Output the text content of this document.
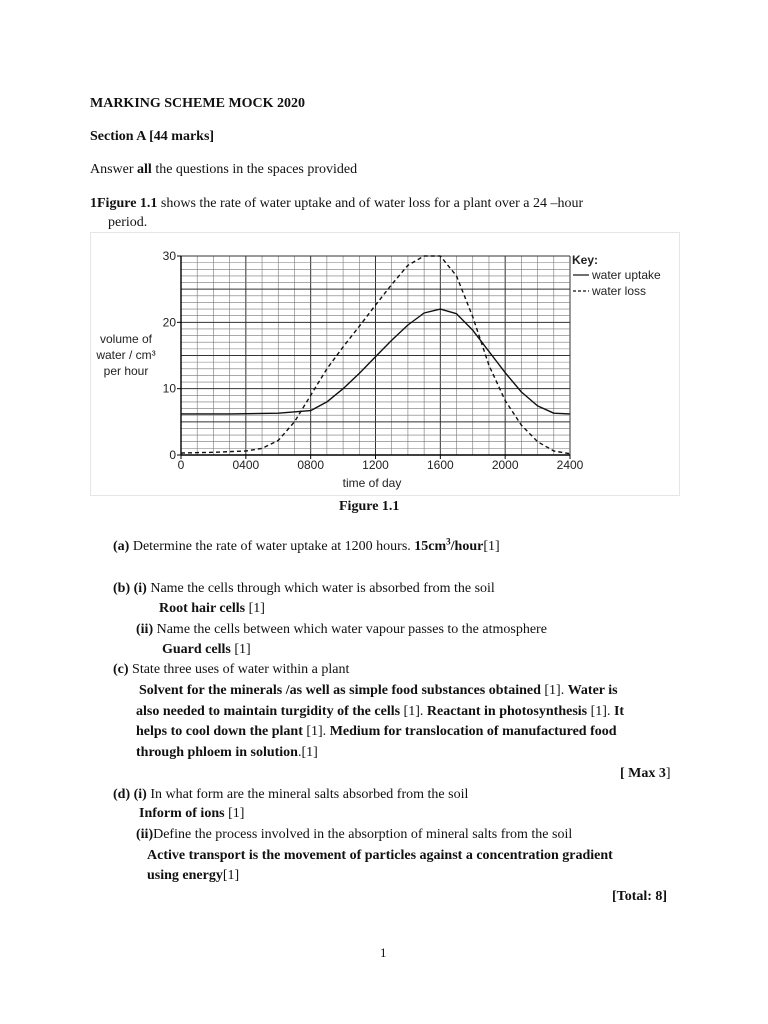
MARKING SCHEME MOCK 2020
Section A [44 marks]
Answer all the questions in the spaces provided
1Figure 1.1 shows the rate of water uptake and of water loss for a plant over a 24 –hour
period.
0	0400	0800	1200	1600	2000	2400
0
10
20
30
time of day
volume of
water / cm³
per hour
Key:
water uptake
water loss
Figure 1.1
(a) Determine the rate of water uptake at 1200 hours. $15cm^3/hour[1]$
(b) (i) Name the cells through which water is absorbed from the soil
Root hair cells [1]
(ii) Name the cells between which water vapour passes to the atmosphere
Guard cells [1]
(c) State three uses of water within a plant
Solvent for the minerals /as well as simple food substances obtained [1]. Water is
also needed to maintain turgidity of the cells [1]. Reactant in photosynthesis [1]. It
helps to cool down the plant [1]. Medium for translocation of manufactured food
through phloem in solution.[1]
[ Max 3]
(d) (i) In what form are the mineral salts absorbed from the soil
Inform of ions [1]
(ii)Define the process involved in the absorption of mineral salts from the soil
Active transport is the movement of particles against a concentration gradient
using energy[1]
[Total: 8]
1
